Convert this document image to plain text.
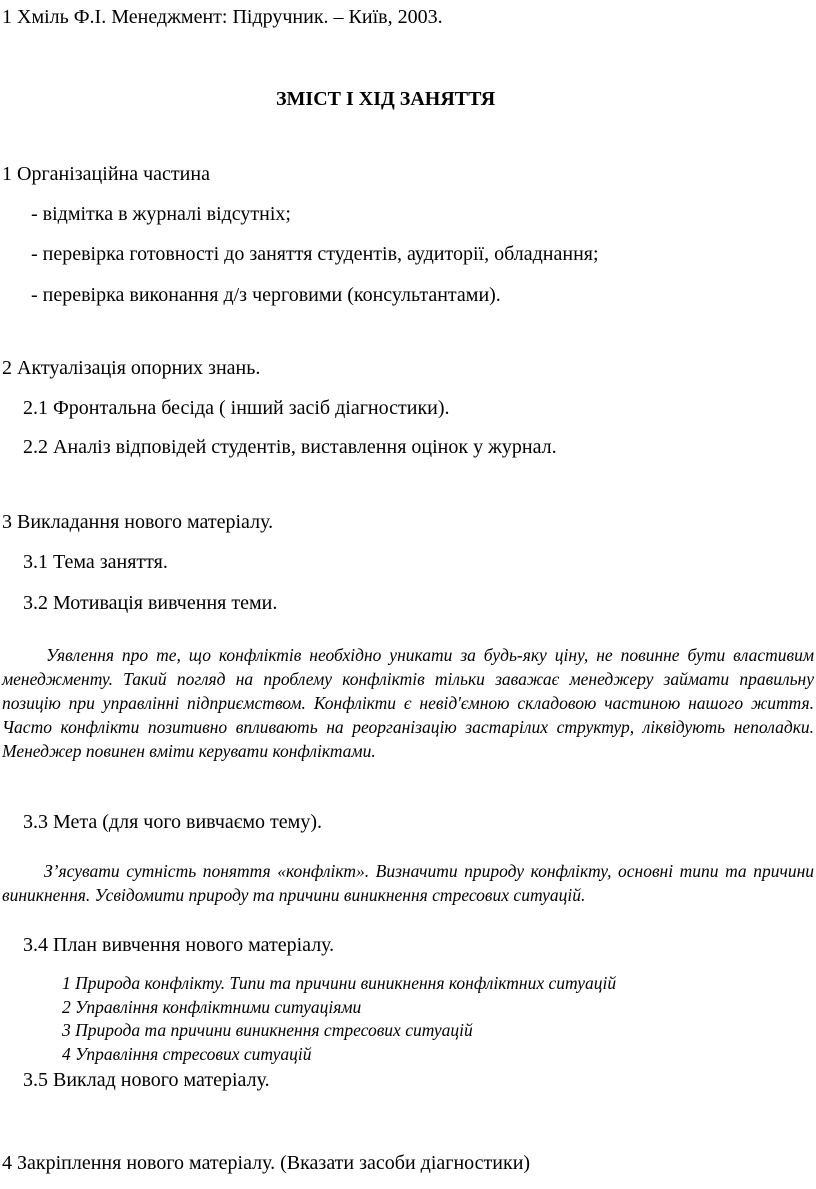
1 Хміль Ф.І. Менеджмент: Підручник. – Київ, 2003.
ЗМІСТ І ХІД ЗАНЯТТЯ
1 Організаційна частина
- відмітка в журналі відсутніх;
- перевірка готовності до заняття студентів, аудиторії, обладнання;
- перевірка виконання д/з черговими (консультантами).
2 Актуалізація опорних знань.
2.1 Фронтальна бесіда ( інший засіб діагностики).
2.2 Аналіз відповідей студентів, виставлення оцінок у журнал.
3 Викладання нового матеріалу.
3.1 Тема заняття.
3.2 Мотивація вивчення теми.
Уявлення про те, що конфліктів необхідно уникати за будь-яку ціну, не повинне бути властивим менеджменту. Такий погляд на проблему конфліктів тільки заважає менеджеру займати правильну позицію при управлінні підприємством. Конфлікти є невід'ємною складовою частиною нашого життя. Часто конфлікти позитивно впливають на реорганізацію застарілих структур, ліквідують неполадки. Менеджер повинен вміти керувати конфліктами.
3.3 Мета (для чого вивчаємо тему).
З’ясувати сутність поняття «конфлікт». Визначити природу конфлікту, основні типи та причини виникнення. Усвідомити природу та причини виникнення стресових ситуацій.
3.4 План вивчення нового матеріалу.
1 Природа конфлікту. Типи та причини виникнення конфліктних ситуацій
2 Управління конфліктними ситуаціями
3 Природа та причини виникнення стресових ситуацій
4 Управління стресових ситуацій
3.5 Виклад нового матеріалу.
4 Закріплення нового матеріалу. (Вказати засоби діагностики)
